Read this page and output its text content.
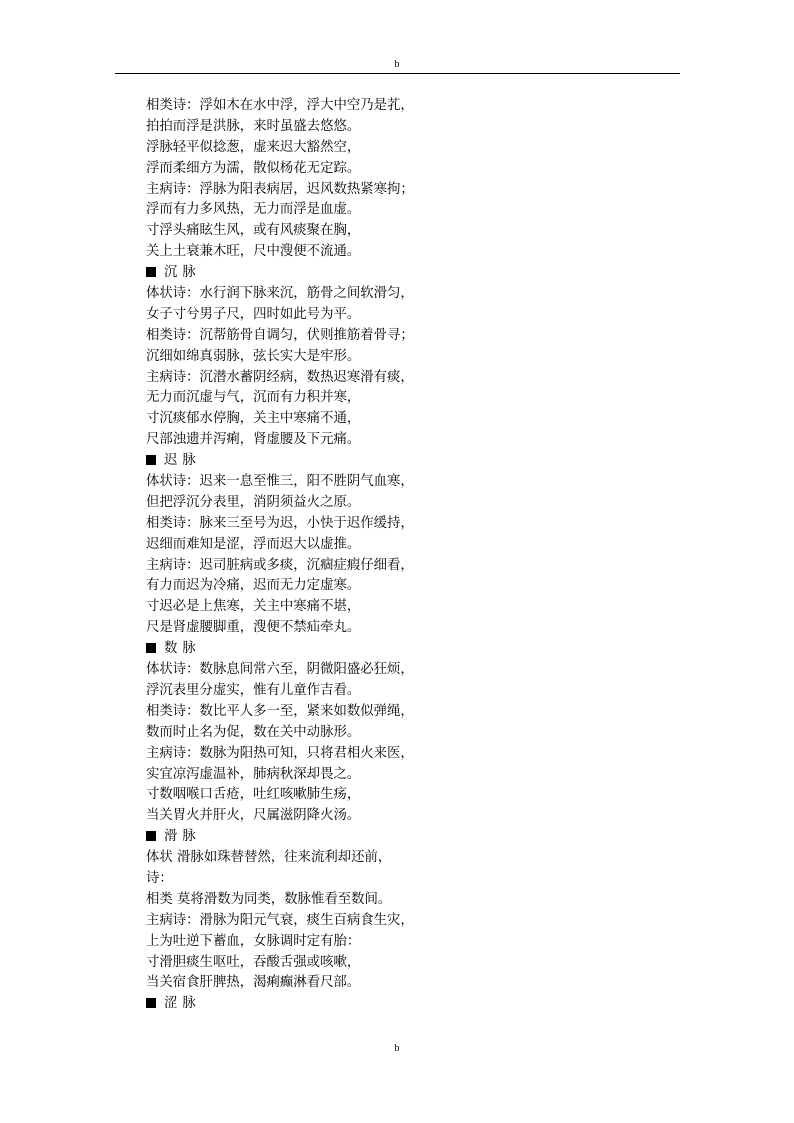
b
相类诗：浮如木在水中浮，浮大中空乃是芤，
拍拍而浮是洪脉，来时虽盛去悠悠。
浮脉轻平似捻葱，虚来迟大豁然空，
浮而柔细方为濡，散似杨花无定踪。
主病诗：浮脉为阳表病居，迟风数热紧寒拘；
浮而有力多风热，无力而浮是血虚。
寸浮头痛眩生风，或有风痰聚在胸，
关上土衰兼木旺，尺中溲便不流通。
沉脉
体状诗：水行润下脉来沉，筋骨之间软滑匀，
女子寸兮男子尺，四时如此号为平。
相类诗：沉帮筋骨自调匀，伏则推筋着骨寻；
沉细如绵真弱脉，弦长实大是牢形。
主病诗：沉潜水蓄阴经病，数热迟寒滑有痰，
无力而沉虚与气，沉而有力积并寒，
寸沉痰郁水停胸，关主中寒痛不通，
尺部浊遗并泻痢，肾虚腰及下元痛。
迟脉
体状诗：迟来一息至惟三，阳不胜阴气血寒，
但把浮沉分表里，消阴须益火之原。
相类诗：脉来三至号为迟，小快于迟作缓持，
迟细而难知是涩，浮而迟大以虚推。
主病诗：迟司脏病或多痰，沉痼症瘕仔细看，
有力而迟为冷痛，迟而无力定虚寒。
寸迟必是上焦寒，关主中寒痛不堪，
尺是肾虚腰脚重，溲便不禁疝牵丸。
数脉
体状诗：数脉息间常六至，阴微阳盛必狂烦，
浮沉表里分虚实，惟有儿童作吉看。
相类诗：数比平人多一至，紧来如数似弹绳，
数而时止名为促，数在关中动脉形。
主病诗：数脉为阳热可知，只将君相火来医，
实宜凉泻虚温补，肺病秋深却畏之。
寸数咽喉口舌疮，吐红咳嗽肺生疡，
当关胃火并肝火，尺属滋阴降火汤。
滑脉
体状 滑脉如珠替替然，往来流利却还前，
诗：
相类 莫将滑数为同类，数脉惟看至数间。
主病诗：滑脉为阳元气衰，痰生百病食生灾，
上为吐逆下蓄血，女脉调时定有胎：
寸滑胆痰生呕吐，吞酸舌强或咳嗽，
当关宿食肝脾热，渴痢癫淋看尺部。
涩脉
b
